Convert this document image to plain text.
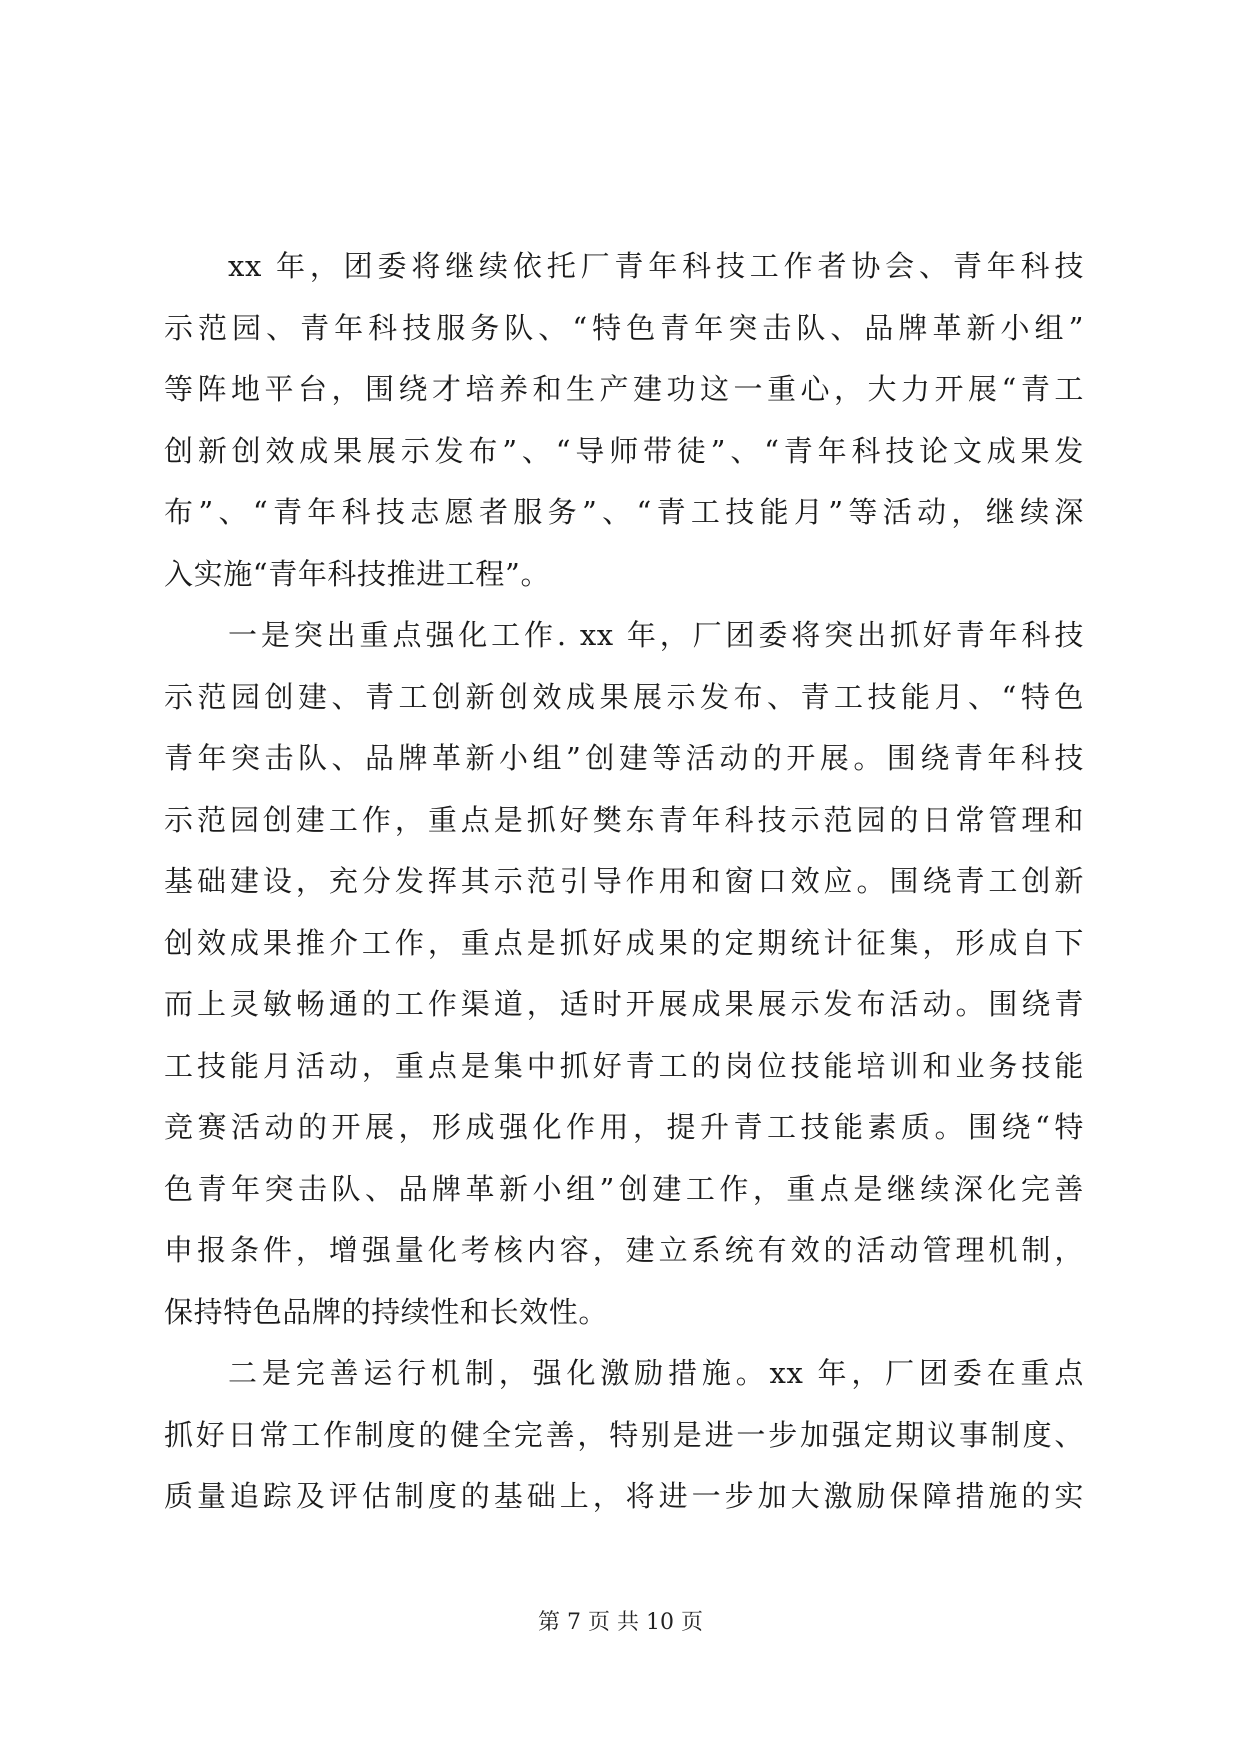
xx 年，团委将继续依托厂青年科技工作者协会、青年科技
示范园、青年科技服务队、“特色青年突击队、品牌革新小组”
等阵地平台，围绕才培养和生产建功这一重心，大力开展“青工
创新创效成果展示发布”、“导师带徒”、“青年科技论文成果发
布”、“青年科技志愿者服务”、“青工技能月”等活动，继续深
入实施“青年科技推进工程”。
一是突出重点强化工作. xx 年，厂团委将突出抓好青年科技
示范园创建、青工创新创效成果展示发布、青工技能月、“特色
青年突击队、品牌革新小组”创建等活动的开展。围绕青年科技
示范园创建工作，重点是抓好樊东青年科技示范园的日常管理和
基础建设，充分发挥其示范引导作用和窗口效应。围绕青工创新
创效成果推介工作，重点是抓好成果的定期统计征集，形成自下
而上灵敏畅通的工作渠道，适时开展成果展示发布活动。围绕青
工技能月活动，重点是集中抓好青工的岗位技能培训和业务技能
竞赛活动的开展，形成强化作用，提升青工技能素质。围绕“特
色青年突击队、品牌革新小组”创建工作，重点是继续深化完善
申报条件，增强量化考核内容，建立系统有效的活动管理机制，
保持特色品牌的持续性和长效性。
二是完善运行机制，强化激励措施。xx 年，厂团委在重点
抓好日常工作制度的健全完善，特别是进一步加强定期议事制度、
质量追踪及评估制度的基础上，将进一步加大激励保障措施的实
第 7 页 共 10 页
